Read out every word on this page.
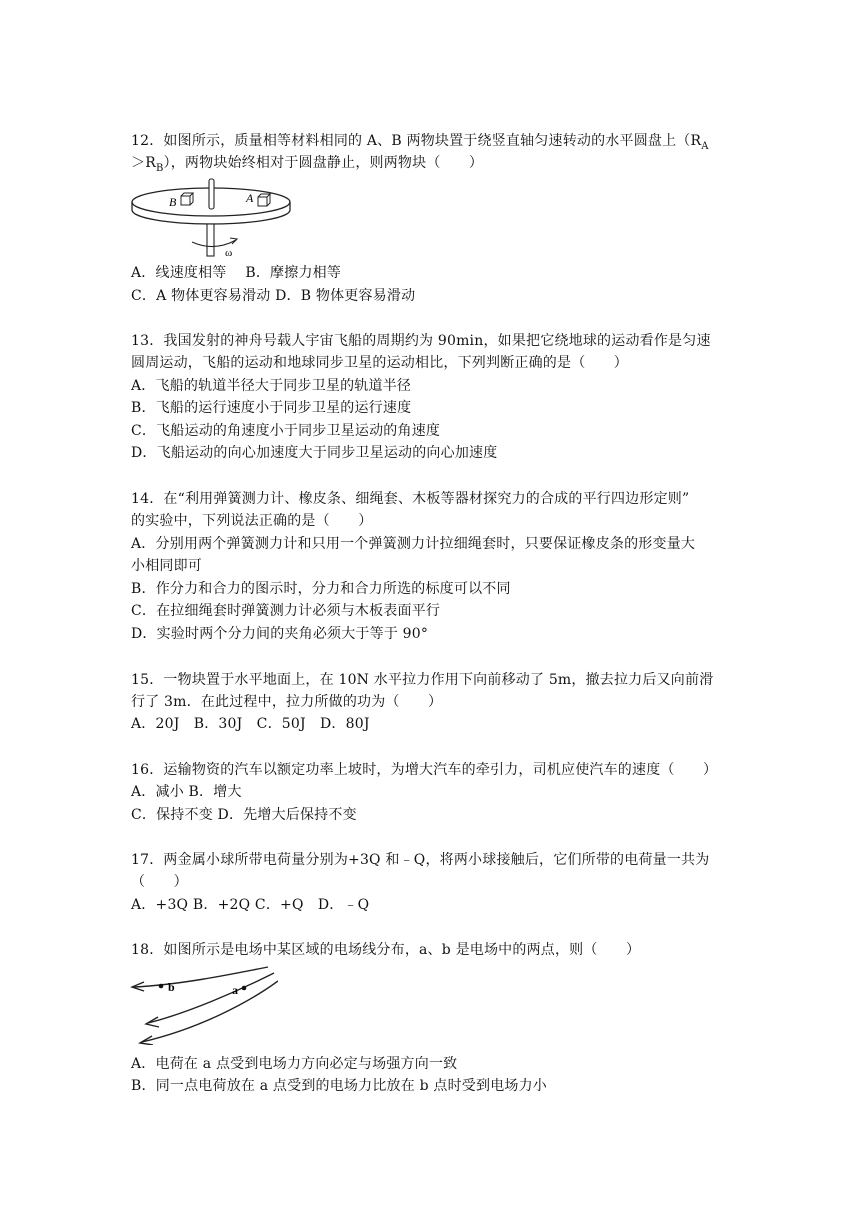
12．如图所示，质量相等材料相同的 A、B 两物块置于绕竖直轴匀速转动的水平圆盘上（$R_A$
$>R_B$），两物块始终相对于圆盘静止，则两物块（　　）
B	A
ω
A．线速度相等　 B．摩擦力相等
C．A 物体更容易滑动 D．B 物体更容易滑动
13．我国发射的神舟号载人宇宙飞船的周期约为 90min，如果把它绕地球的运动看作是匀速
圆周运动，飞船的运动和地球同步卫星的运动相比，下列判断正确的是（　　）
A．飞船的轨道半径大于同步卫星的轨道半径
B．飞船的运行速度小于同步卫星的运行速度
C．飞船运动的角速度小于同步卫星运动的角速度
D．飞船运动的向心加速度大于同步卫星运动的向心加速度
14．在“利用弹簧测力计、橡皮条、细绳套、木板等器材探究力的合成的平行四边形定则”
的实验中，下列说法正确的是（　　）
A．分别用两个弹簧测力计和只用一个弹簧测力计拉细绳套时，只要保证橡皮条的形变量大
小相同即可
B．作分力和合力的图示时，分力和合力所选的标度可以不同
C．在拉细绳套时弹簧测力计必须与木板表面平行
D．实验时两个分力间的夹角必须大于等于 90°
15．一物块置于水平地面上，在 10N 水平拉力作用下向前移动了 5m，撤去拉力后又向前滑
行了 3m．在此过程中，拉力所做的功为（　　）
A．20J　B．30J　C．50J　D．80J
16．运输物资的汽车以额定功率上坡时，为增大汽车的牵引力，司机应使汽车的速度（　　）
A．减小 B．增大
C．保持不变 D．先增大后保持不变
17．两金属小球所带电荷量分别为+3Q 和﹣Q，将两小球接触后，它们所带的电荷量一共为
（　　）
A．+3Q B．+2Q C．+Q　D．﹣Q
18．如图所示是电场中某区域的电场线分布，a、b 是电场中的两点，则（　　）
b	a
A．电荷在 a 点受到电场力方向必定与场强方向一致
B．同一点电荷放在 a 点受到的电场力比放在 b 点时受到电场力小
